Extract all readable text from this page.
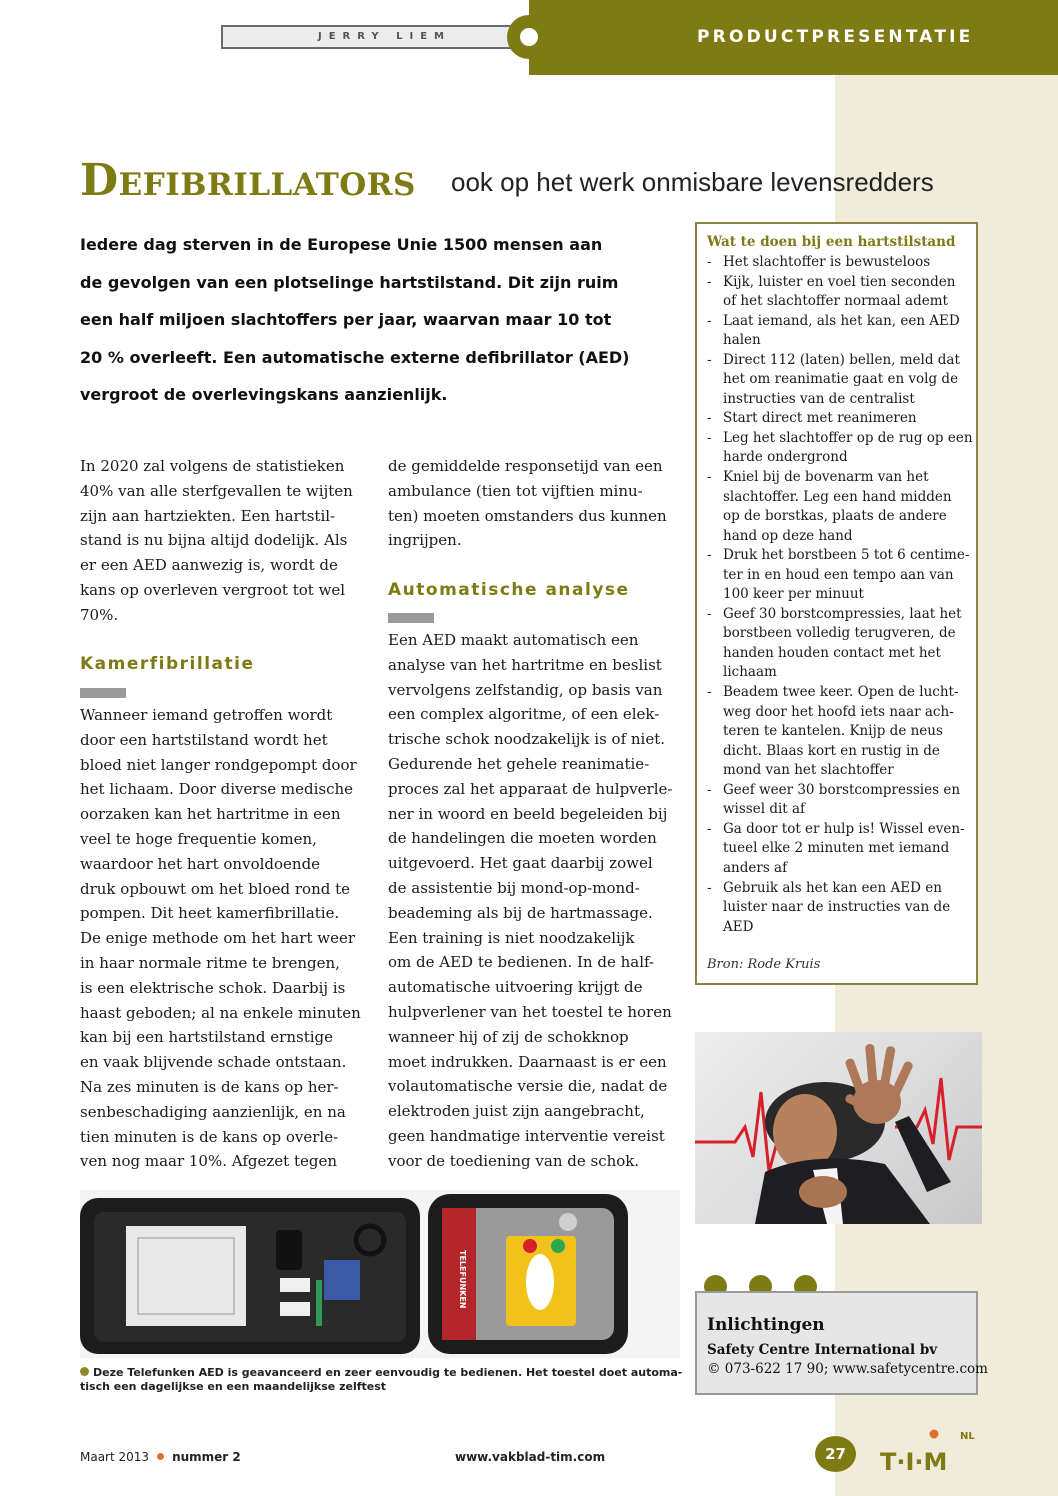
JERRY LIEM	PRODUCTPRESENTATIE
Defibrillators ook op het werk onmisbare levensredders
Iedere dag sterven in de Europese Unie 1500 mensen aan
de gevolgen van een plotselinge hartstilstand. Dit zijn ruim
een half miljoen slachtoffers per jaar, waarvan maar 10 tot
20 % overleeft. Een automatische externe defibrillator (AED)
vergroot de overlevingskans aanzienlijk.
In 2020 zal volgens de statistieken
40% van alle sterfgevallen te wijten
zijn aan hartziekten. Een hartstil-
stand is nu bijna altijd dodelijk. Als
er een AED aanwezig is, wordt de
kans op overleven vergroot tot wel
70%.
Kamerfibrillatie
Wanneer iemand getroffen wordt
door een hartstilstand wordt het
bloed niet langer rondgepompt door
het lichaam. Door diverse medische
oorzaken kan het hartritme in een
veel te hoge frequentie komen,
waardoor het hart onvoldoende
druk opbouwt om het bloed rond te
pompen. Dit heet kamerfibrillatie.
De enige methode om het hart weer
in haar normale ritme te brengen,
is een elektrische schok. Daarbij is
haast geboden; al na enkele minuten
kan bij een hartstilstand ernstige
en vaak blijvende schade ontstaan.
Na zes minuten is de kans op her-
senbeschadiging aanzienlijk, en na
tien minuten is de kans op overle-
ven nog maar 10%. Afgezet tegen
de gemiddelde responsetijd van een
ambulance (tien tot vijftien minu-
ten) moeten omstanders dus kunnen
ingrijpen.
Automatische analyse
Een AED maakt automatisch een
analyse van het hartritme en beslist
vervolgens zelfstandig, op basis van
een complex algoritme, of een elek-
trische schok noodzakelijk is of niet.
Gedurende het gehele reanimatie-
proces zal het apparaat de hulpverle-
ner in woord en beeld begeleiden bij
de handelingen die moeten worden
uitgevoerd. Het gaat daarbij zowel
de assistentie bij mond-op-mond-
beademing als bij de hartmassage.
Een training is niet noodzakelijk
om de AED te bedienen. In de half-
automatische uitvoering krijgt de
hulpverlener van het toestel te horen
wanneer hij of zij de schokknop
moet indrukken. Daarnaast is er een
volautomatische versie die, nadat de
elektroden juist zijn aangebracht,
geen handmatige interventie vereist
voor de toediening van de schok.
Wat te doen bij een hartstilstand
- Het slachtoffer is bewusteloos
- Kijk, luister en voel tien seconden
of het slachtoffer normaal ademt
- Laat iemand, als het kan, een AED
halen
- Direct 112 (laten) bellen, meld dat
het om reanimatie gaat en volg de
instructies van de centralist
- Start direct met reanimeren
- Leg het slachtoffer op de rug op een
harde ondergrond
- Kniel bij de bovenarm van het
slachtoffer. Leg een hand midden
op de borstkas, plaats de andere
hand op deze hand
- Druk het borstbeen 5 tot 6 centime-
ter in en houd een tempo aan van
100 keer per minuut
- Geef 30 borstcompressies, laat het
borstbeen volledig terugveren, de
handen houden contact met het
lichaam
- Beadem twee keer. Open de lucht-
weg door het hoofd iets naar ach-
teren te kantelen. Knijp de neus
dicht. Blaas kort en rustig in de
mond van het slachtoffer
- Geef weer 30 borstcompressies en
wissel dit af
- Ga door tot er hulp is! Wissel even-
tueel elke 2 minuten met iemand
anders af
- Gebruik als het kan een AED en
luister naar de instructies van de
AED
Bron: Rode Kruis
TELEFUNKEN
Deze Telefunken AED is geavanceerd en zeer eenvoudig te bedienen. Het toestel doet automa-
tisch een dagelijkse en een maandelijkse zelftest
Inlichtingen
Safety Centre International bv
© 073-622 17 90; www.safetycentre.com
Maart 2013 nummer 2	www.vakblad-tim.com	27
NL
T·I·M
